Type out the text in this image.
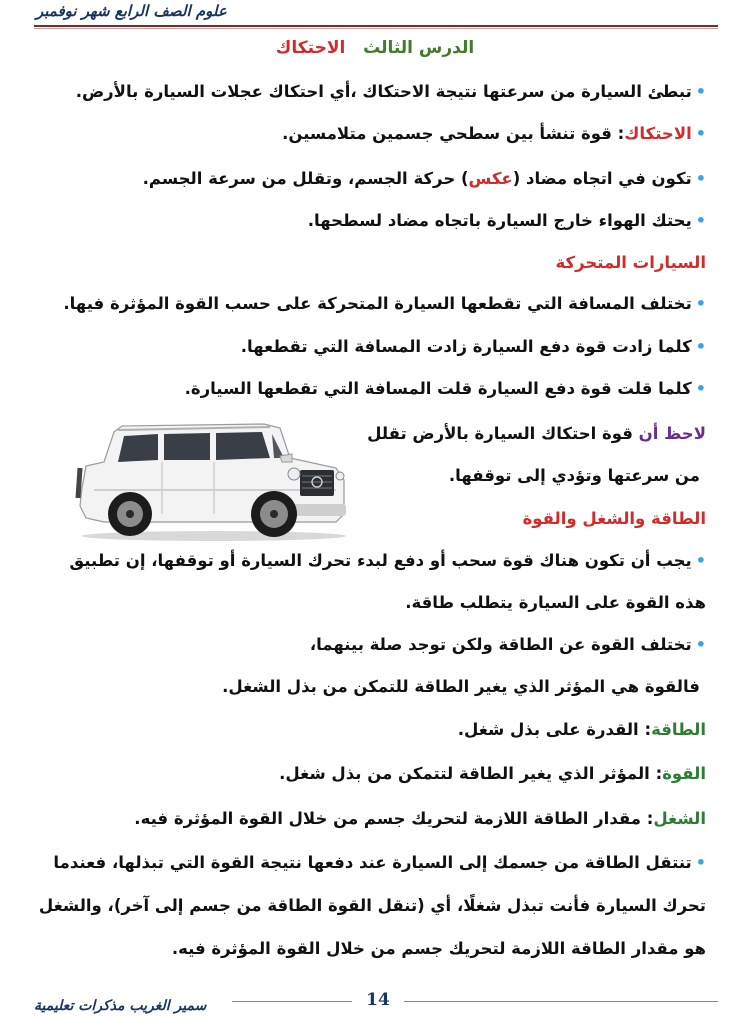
علوم الصف الرابع شهر نوفمبر
الدرس الثالث   الاحتكاك
•تبطئ السيارة من سرعتها نتيجة الاحتكاك ،أي احتكاك عجلات السيارة بالأرض.
•الاحتكاك: قوة تنشأ بين سطحي جسمين متلامسين.
•تكون في اتجاه مضاد (عكس) حركة الجسم، وتقلل من سرعة الجسم.
•يحتك الهواء خارج السيارة باتجاه مضاد لسطحها.
السيارات المتحركة
•تختلف المسافة التي تقطعها السيارة المتحركة على حسب القوة المؤثرة فيها.
•كلما زادت قوة دفع السيارة زادت المسافة التي تقطعها.
•كلما قلت قوة دفع السيارة قلت المسافة التي تقطعها السيارة.
لاحظ أن قوة احتكاك السيارة بالأرض تقلل
من سرعتها وتؤدي إلى توقفها.
الطاقة والشغل والقوة
•يجب أن تكون هناك قوة سحب أو دفع لبدء تحرك السيارة أو توقفها، إن تطبيق
هذه القوة على السيارة يتطلب طاقة.
•تختلف القوة عن الطاقة ولكن توجد صلة بينهما،
فالقوة هي المؤثر الذي يغير الطاقة للتمكن من بذل الشغل.
الطاقة: القدرة على بذل شغل.
القوة: المؤثر الذي يغير الطاقة لتتمكن من بذل شغل.
الشغل: مقدار الطاقة اللازمة لتحريك جسم من خلال القوة المؤثرة فيه.
•تنتقل الطاقة من جسمك إلى السيارة عند دفعها نتيجة القوة التي تبذلها، فعندما
تحرك السيارة فأنت تبذل شغلًا، أي (تنقل القوة الطاقة من جسم إلى آخر)، والشغل
هو مقدار الطاقة اللازمة لتحريك جسم من خلال القوة المؤثرة فيه.
سمير الغريب مذكرات تعليمية	14
